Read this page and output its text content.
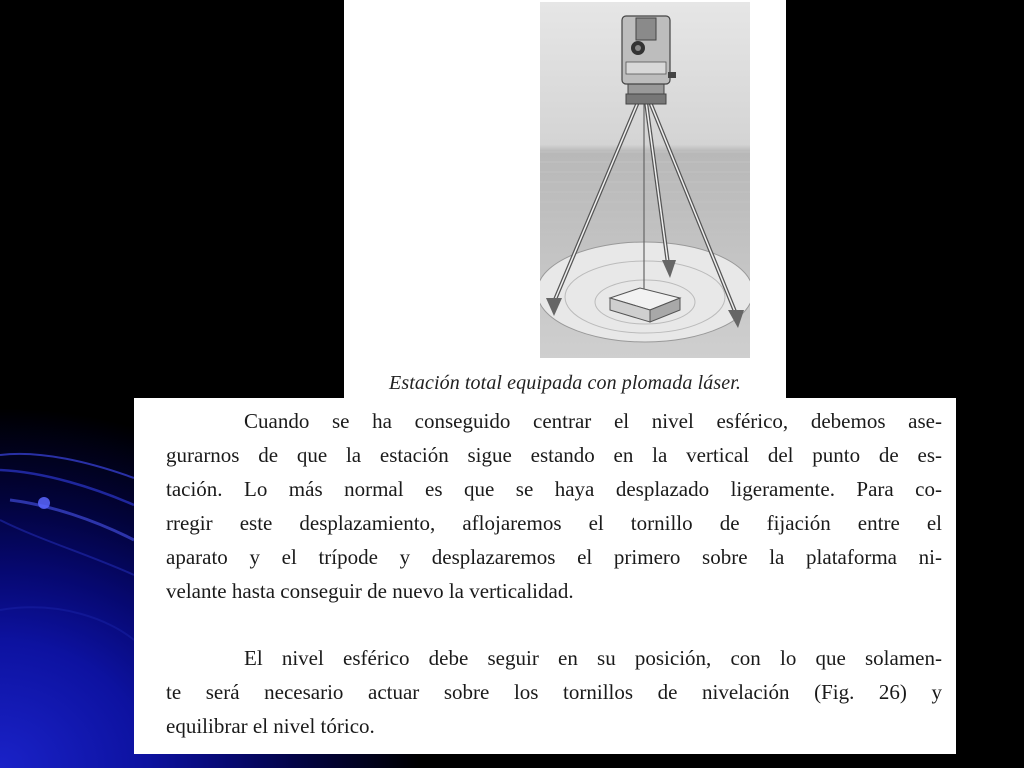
Estación total equipada con plomada láser.
Cuando se ha conseguido centrar el nivel esférico, debemos ase-
gurarnos de que la estación sigue estando en la vertical del punto de es-
tación. Lo más normal es que se haya desplazado ligeramente. Para co-
rregir este desplazamiento, aflojaremos el tornillo de fijación entre el
aparato y el trípode y desplazaremos el primero sobre la plataforma ni-
velante hasta conseguir de nuevo la verticalidad.
El nivel esférico debe seguir en su posición, con lo que solamen-
te será necesario actuar sobre los tornillos de nivelación (Fig. 26) y
equilibrar el nivel tórico.
